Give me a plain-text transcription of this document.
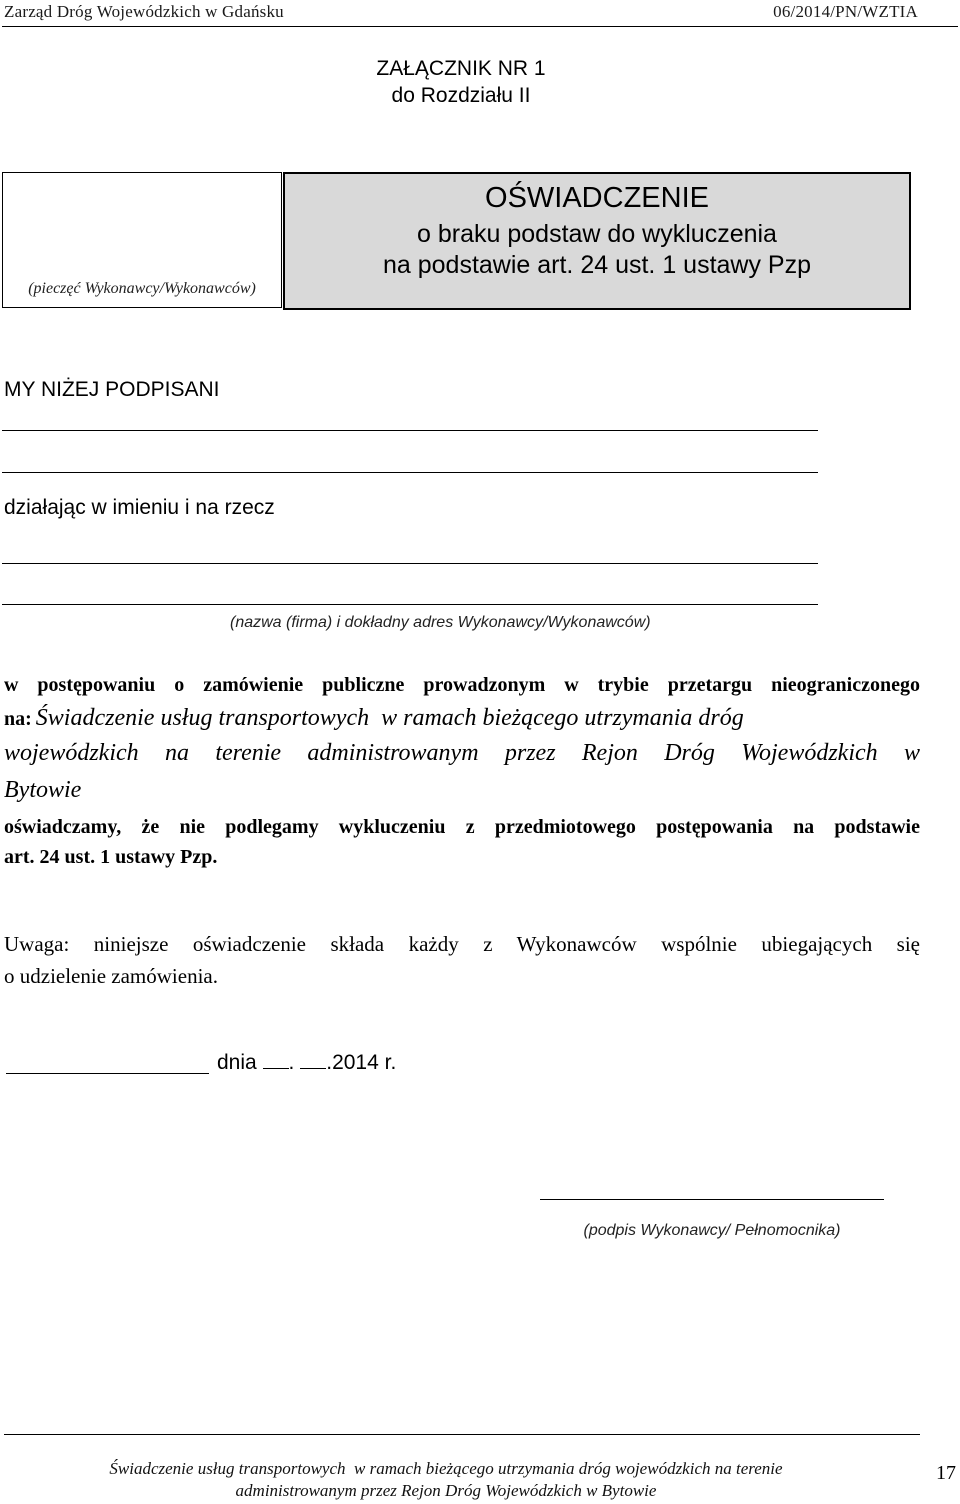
Zarząd Dróg Wojewódzkich w Gdańsku	06/2014/PN/WZTIA
ZAŁĄCZNIK NR 1
do Rozdziału II
(pieczęć Wykonawcy/Wykonawców)
OŚWIADCZENIE
o braku podstaw do wykluczenia
na podstawie art. 24 ust. 1 ustawy Pzp
MY NIŻEJ PODPISANI
działając w imieniu i na rzecz
(nazwa (firma) i dokładny adres Wykonawcy/Wykonawców)
w postępowaniu o zamówienie publiczne prowadzonym w trybie przetargu nieograniczonego
na: Świadczenie usług transportowych  w ramach bieżącego utrzymania dróg
wojewódzkich na terenie administrowanym przez Rejon Dróg Wojewódzkich w
Bytowie
oświadczamy, że nie podlegamy wykluczeniu z przedmiotowego postępowania na podstawie
art. 24 ust. 1 ustawy Pzp.
Uwaga: niniejsze oświadczenie składa każdy z Wykonawców wspólnie ubiegających się
o udzielenie zamówienia.
dnia . .2014 r.
(podpis Wykonawcy/ Pełnomocnika)
Świadczenie usług transportowych  w ramach bieżącego utrzymania dróg wojewódzkich na terenie
administrowanym przez Rejon Dróg Wojewódzkich w Bytowie
17
